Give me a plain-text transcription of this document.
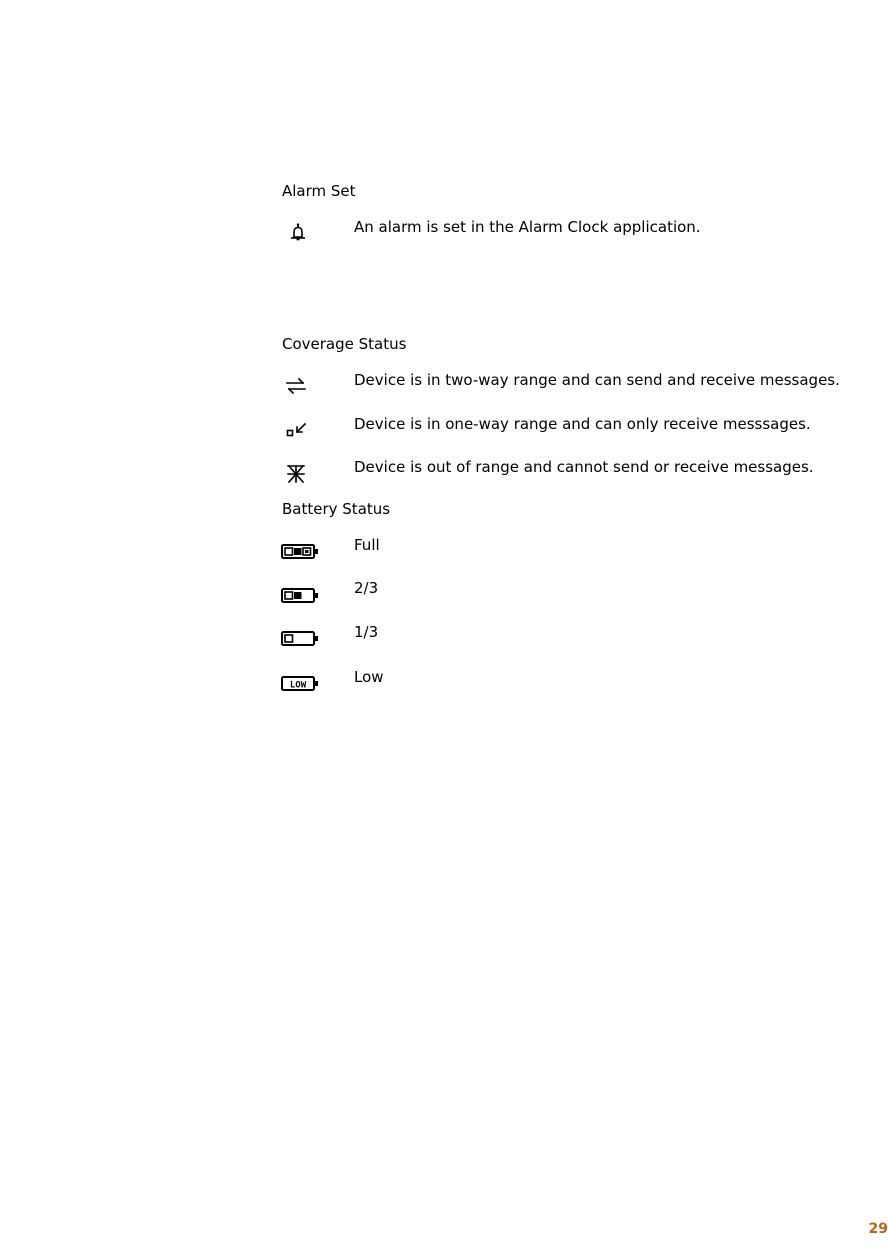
Alarm Set
An alarm is set in the Alarm Clock application.
Coverage Status
Device is in two-way range and can send and receive messages.
Device is in one-way range and can only receive messsages.
Device is out of range and cannot send or receive messages.
Battery Status
Full
2/3
1/3
LOW	Low
29
